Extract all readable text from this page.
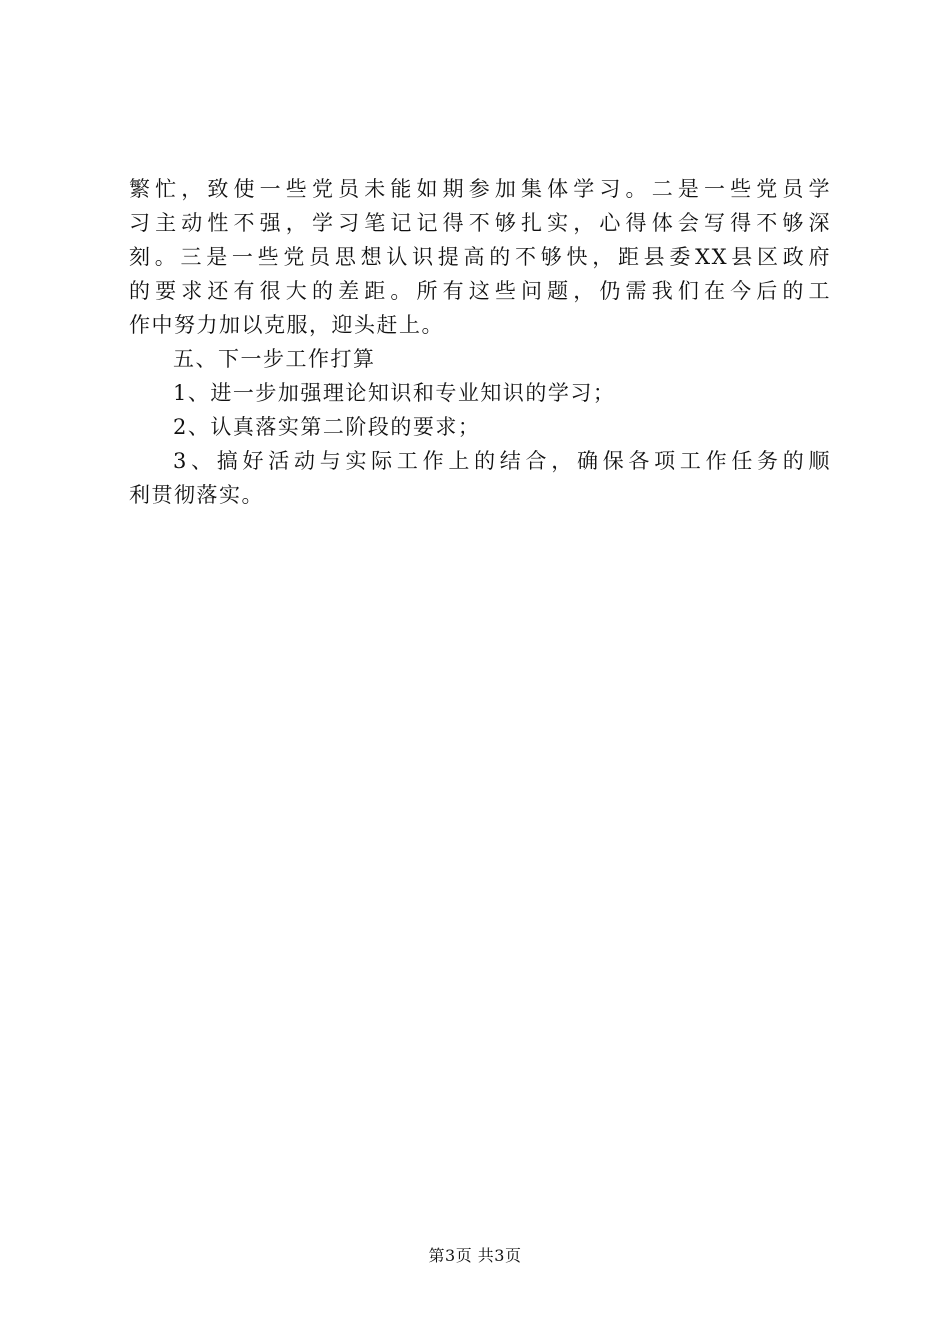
繁忙，致使一些党员未能如期参加集体学习。二是一些党员学
习主动性不强，学习笔记记得不够扎实，心得体会写得不够深
刻。三是一些党员思想认识提高的不够快，距县委XX县区政府
的要求还有很大的差距。所有这些问题，仍需我们在今后的工
作中努力加以克服，迎头赶上。
五、下一步工作打算
1、进一步加强理论知识和专业知识的学习；
2、认真落实第二阶段的要求；
3、搞好活动与实际工作上的结合，确保各项工作任务的顺
利贯彻落实。
第3页 共3页
